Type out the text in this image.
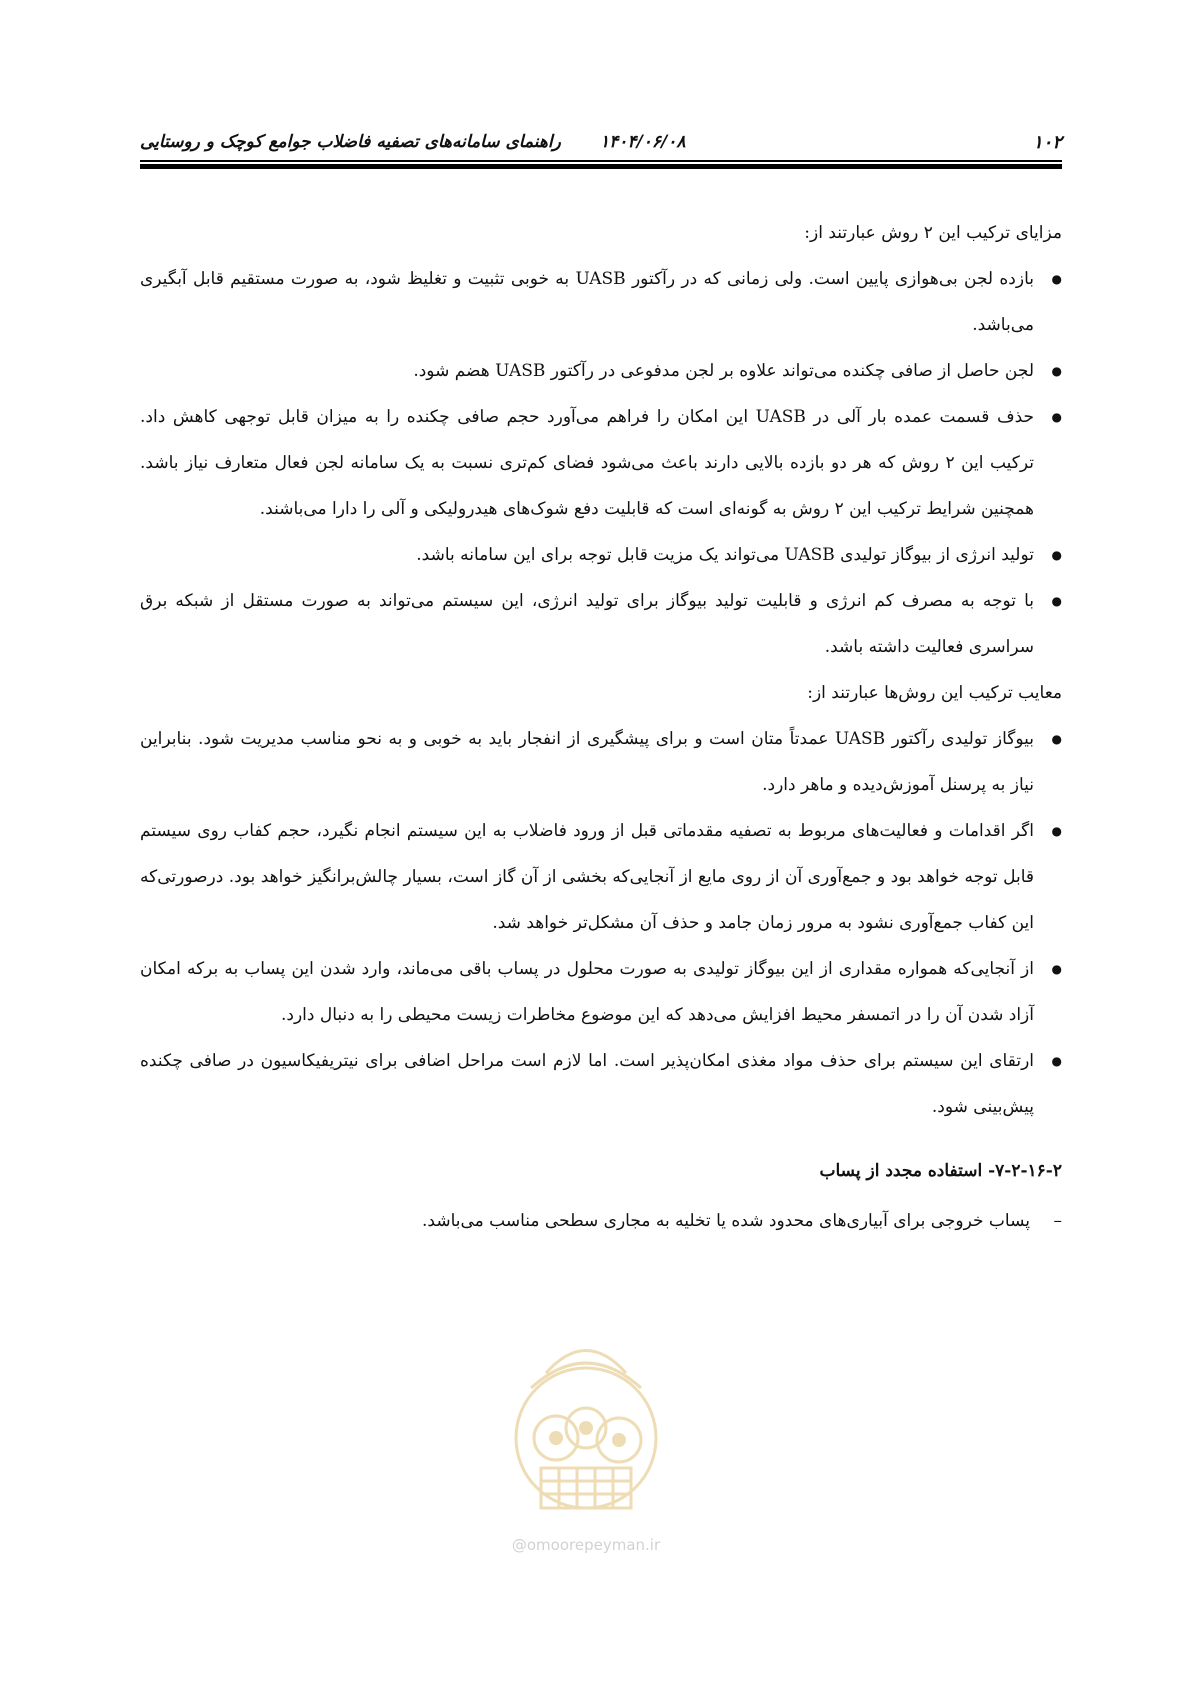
۱۰۲
۱۴۰۴/۰۶/۰۸
راهنمای سامانه‌های تصفیه فاضلاب جوامع کوچک و روستایی

مزایای ترکیب این ۲ روش عبارتند از:

● بازده لجن بی‌هوازی پایین است. ولی زمانی که در رآکتور UASB به خوبی تثبیت و تغلیظ شود، به صورت مستقیم قابل آبگیری می‌باشد.
● لجن حاصل از صافی چکنده می‌تواند علاوه بر لجن مدفوعی در رآکتور UASB هضم شود.
● حذف قسمت عمده بار آلی در UASB این امکان را فراهم می‌آورد حجم صافی چکنده را به میزان قابل توجهی کاهش داد. ترکیب این ۲ روش که هر دو بازده بالایی دارند باعث می‌شود فضای کم‌تری نسبت به یک سامانه لجن فعال متعارف نیاز باشد. همچنین شرایط ترکیب این ۲ روش به گونه‌ای است که قابلیت دفع شوک‌های هیدرولیکی و آلی را دارا می‌باشند.
● تولید انرژی از بیوگاز تولیدی UASB می‌تواند یک مزیت قابل توجه برای این سامانه باشد.
● با توجه به مصرف کم انرژی و قابلیت تولید بیوگاز برای تولید انرژی، این سیستم می‌تواند به صورت مستقل از شبکه برق سراسری فعالیت داشته باشد.

معایب ترکیب این روش‌ها عبارتند از:

● بیوگاز تولیدی رآکتور UASB عمدتاً متان است و برای پیشگیری از انفجار باید به خوبی و به نحو مناسب مدیریت شود. بنابراین نیاز به پرسنل آموزش‌دیده و ماهر دارد.
● اگر اقدامات و فعالیت‌های مربوط به تصفیه مقدماتی قبل از ورود فاضلاب به این سیستم انجام نگیرد، حجم کفاب روی سیستم قابل توجه خواهد بود و جمع‌آوری آن از روی مایع از آنجایی‌که بخشی از آن گاز است، بسیار چالش‌برانگیز خواهد بود. درصورتی‌که این کفاب جمع‌آوری نشود به مرور زمان جامد و حذف آن مشکل‌تر خواهد شد.
● از آنجایی‌که همواره مقداری از این بیوگاز تولیدی به صورت محلول در پساب باقی می‌ماند، وارد شدن این پساب به برکه امکان آزاد شدن آن را در اتمسفر محیط افزایش می‌دهد که این موضوع مخاطرات زیست محیطی را به دنبال دارد.
● ارتقای این سیستم برای حذف مواد مغذی امکان‌پذیر است. اما لازم است مراحل اضافی برای نیتریفیکاسیون در صافی چکنده پیش‌بینی شود.

۷-۲-۱۶-۲- استفاده مجدد از پساب

– پساب خروجی برای آبیاری‌های محدود شده یا تخلیه به مجاری سطحی مناسب می‌باشد.
@omoorepeyman.ir
